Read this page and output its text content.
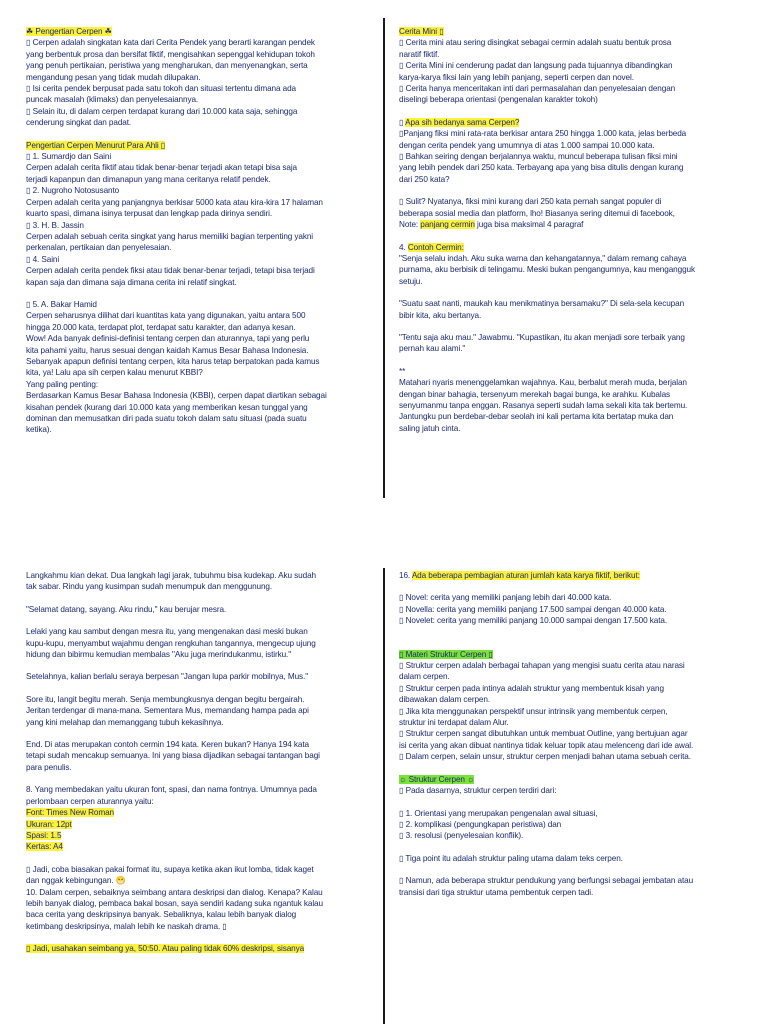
☘ Pengertian Cerpen ☘
▯ Cerpen adalah singkatan kata dari Cerita Pendek yang berarti karangan pendek
yang berbentuk prosa dan bersifat fiktif, mengisahkan sepenggal kehidupan tokoh
yang penuh pertikaian, peristiwa yang mengharukan, dan menyenangkan, serta
mengandung pesan yang tidak mudah dilupakan.
▯ Isi cerita pendek berpusat pada satu tokoh dan situasi tertentu dimana ada
puncak masalah (klimaks) dan penyelesaiannya.
▯ Selain itu, di dalam cerpen terdapat kurang dari 10.000 kata saja, sehingga
cenderung singkat dan padat.
Pengertian Cerpen Menurut Para Ahli ▯
▯ 1. Sumardjo dan Saini
Cerpen adalah cerita fiktif atau tidak benar-benar terjadi akan tetapi bisa saja
terjadi kapanpun dan dimanapun yang mana ceritanya relatif pendek.
▯ 2. Nugroho Notosusanto
Cerpen adalah cerita yang panjangnya berkisar 5000 kata atau kira-kira 17 halaman
kuarto spasi, dimana isinya terpusat dan lengkap pada dirinya sendiri.
▯ 3. H. B. Jassin
Cerpen adalah sebuah cerita singkat yang harus memiliki bagian terpenting yakni
perkenalan, pertikaian dan penyelesaian.
▯ 4. Saini
Cerpen adalah cerita pendek fiksi atau tidak benar-benar terjadi, tetapi bisa terjadi
kapan saja dan dimana saja dimana cerita ini relatif singkat.
▯ 5. A. Bakar Hamid
Cerpen seharusnya dilihat dari kuantitas kata yang digunakan, yaitu antara 500
hingga 20.000 kata, terdapat plot, terdapat satu karakter, dan adanya kesan.
Wow! Ada banyak definisi-definisi tentang cerpen dan aturannya, tapi yang perlu
kita pahami yaitu, harus sesuai dengan kaidah Kamus Besar Bahasa Indonesia.
Sebanyak apapun definisi tentang cerpen, kita harus tetap berpatokan pada kamus
kita, ya! Lalu apa sih cerpen kalau menurut KBBI?
Yang paling penting:
Berdasarkan Kamus Besar Bahasa Indonesia (KBBI), cerpen dapat diartikan sebagai
kisahan pendek (kurang dari 10.000 kata yang memberikan kesan tunggal yang
dominan dan memusatkan diri pada suatu tokoh dalam satu situasi (pada suatu
ketika).
Cerita Mini ▯
▯ Cerita mini atau sering disingkat sebagai cermin adalah suatu bentuk prosa
naratif fiktif.
▯ Cerita Mini ini cenderung padat dan langsung pada tujuannya dibandingkan
karya-karya fiksi lain yang lebih panjang, seperti cerpen dan novel.
▯ Cerita hanya menceritakan inti dari permasalahan dan penyelesaian dengan
diselingi beberapa orientasi (pengenalan karakter tokoh)
▯ Apa sih bedanya sama Cerpen?
▯Panjang fiksi mini rata-rata berkisar antara 250 hingga 1.000 kata, jelas berbeda
dengan cerita pendek yang umumnya di atas 1.000 sampai 10.000 kata.
▯ Bahkan seiring dengan berjalannya waktu, muncul beberapa tulisan fiksi mini
yang lebih pendek dari 250 kata. Terbayang apa yang bisa ditulis dengan kurang
dari 250 kata?
▯ Sulit? Nyatanya, fiksi mini kurang dari 250 kata pernah sangat populer di
beberapa sosial media dan platform, lho! Biasanya sering ditemui di facebook,
Note: panjang cermin juga bisa maksimal 4 paragraf
4. Contoh Cermin:
"Senja selalu indah. Aku suka warna dan kehangatannya," dalam remang cahaya
purnama, aku berbisik di telingamu. Meski bukan pengangumnya, kau mengangguk
setuju.
"Suatu saat nanti, maukah kau menikmatinya bersamaku?" Di sela-sela kecupan
bibir kita, aku bertanya.
"Tentu saja aku mau." Jawabmu. "Kupastikan, itu akan menjadi sore terbaik yang
pernah kau alami."
**
Matahari nyaris menenggelamkan wajahnya. Kau, berbalut merah muda, berjalan
dengan binar bahagia, tersenyum merekah bagai bunga, ke arahku. Kubalas
senyumanmu tanpa enggan. Rasanya seperti sudah lama sekali kita tak bertemu.
Jantungku pun berdebar-debar seolah ini kali pertama kita bertatap muka dan
saling jatuh cinta.
Langkahmu kian dekat. Dua langkah lagi jarak, tubuhmu bisa kudekap. Aku sudah
tak sabar. Rindu yang kusimpan sudah menumpuk dan menggunung.
"Selamat datang, sayang. Aku rindu," kau berujar mesra.
Lelaki yang kau sambut dengan mesra itu, yang mengenakan dasi meski bukan
kupu-kupu, menyambut wajahmu dengan rengkuhan tangannya, mengecup ujung
hidung dan bibirmu kemudian membalas "Aku juga merindukanmu, istirku."
Setelahnya, kalian berlalu seraya berpesan "Jangan lupa parkir mobilnya, Mus."
Sore itu, langit begitu merah. Senja membungkusnya dengan begitu bergairah.
Jeritan terdengar di mana-mana. Sementara Mus, memandang hampa pada api
yang kini melahap dan memanggang tubuh kekasihnya.
End. Di atas merupakan contoh cermin 194 kata. Keren bukan? Hanya 194 kata
tetapi sudah mencakup semuanya. Ini yang biasa dijadikan sebagai tantangan bagi
para penulis.
8. Yang membedakan yaitu ukuran font, spasi, dan nama fontnya. Umumnya pada
perlombaan cerpen aturannya yaitu:
Font: Times New Roman
Ukuran: 12pt
Spasi: 1.5
Kertas: A4
▯ Jadi, coba biasakan pakai format itu, supaya ketika akan ikut lomba, tidak kaget
dan nggak kebingungan. 😁
10. Dalam cerpen, sebaiknya seimbang antara deskripsi dan dialog. Kenapa? Kalau
lebih banyak dialog, pembaca bakal bosan, saya sendiri kadang suka ngantuk kalau
baca cerita yang deskripsinya banyak. Sebaliknya, kalau lebih banyak dialog
ketimbang deskripsinya, malah lebih ke naskah drama. ▯
▯ Jadi, usahakan seimbang ya, 50:50. Atau paling tidak 60% deskripsi, sisanya
16. Ada beberapa pembagian aturan jumlah kata karya fiktif, berikut:
▯ Novel: cerita yang memiliki panjang lebih dari 40.000 kata.
▯ Novella: cerita yang memiliki panjang 17.500 sampai dengan 40.000 kata.
▯ Novelet: cerita yang memiliki panjang 10.000 sampai dengan 17.500 kata.
▯ Materi Struktur Cerpen ▯
▯ Struktur cerpen adalah berbagai tahapan yang mengisi suatu cerita atau narasi
dalam cerpen.
▯ Struktur cerpen pada intinya adalah struktur yang membentuk kisah yang
dibawakan dalam cerpen.
▯ Jika kita menggunakan perspektif unsur intrinsik yang membentuk cerpen,
struktur ini terdapat dalam Alur.
▯ Struktur cerpen sangat dibutuhkan untuk membuat Outline, yang bertujuan agar
isi cerita yang akan dibuat nantinya tidak keluar topik atau melenceng dari ide awal.
▯ Dalam cerpen, selain unsur, struktur cerpen menjadi bahan utama sebuah cerita.
☼ Struktur Cerpen ☼
▯ Pada dasarnya, struktur cerpen terdiri dari:
▯ 1. Orientasi yang merupakan pengenalan awal situasi,
▯ 2. komplikasi (pengungkapan peristiwa) dan
▯ 3. resolusi (penyelesaian konflik).
▯ Tiga point itu adalah struktur paling utama dalam teks cerpen.
▯ Namun, ada beberapa struktur pendukung yang berfungsi sebagai jembatan atau
transisi dari tiga struktur utama pembentuk cerpen tadi.
